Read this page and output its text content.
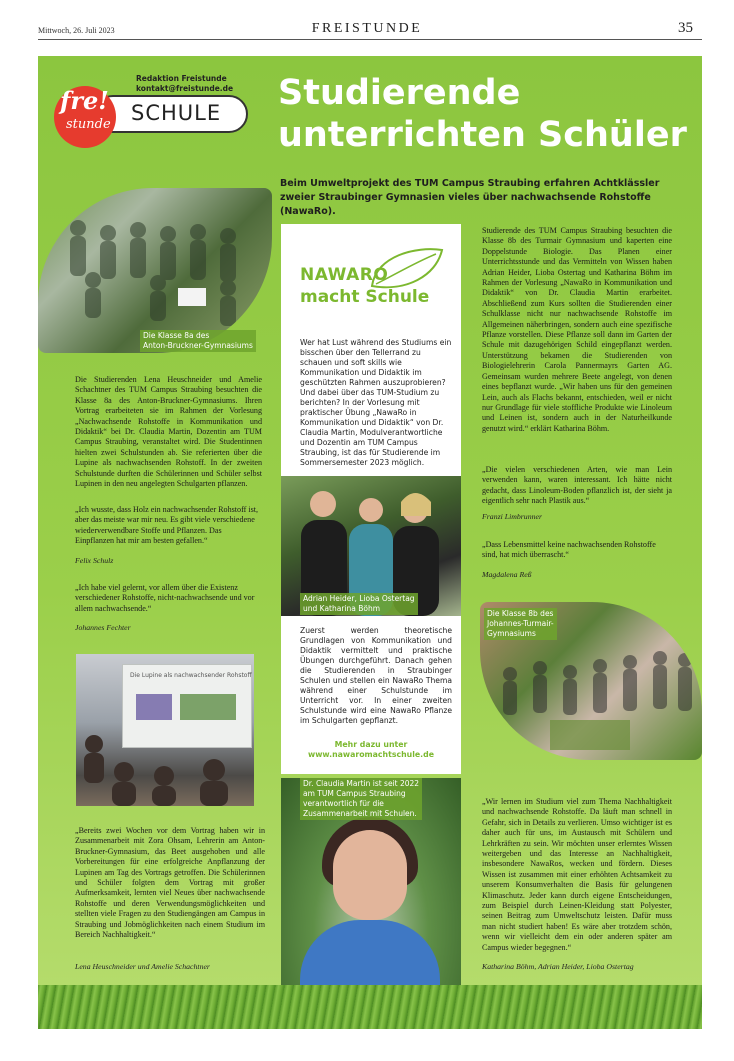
Mittwoch, 26. Juli 2023	FREISTUNDE	35
Redaktion Freistunde
kontakt@freistunde.de
SCHULE
fre!
stunde
Studierende
unterrichten Schüler
Beim Umweltprojekt des TUM Campus Straubing erfahren Achtklässler
zweier Straubinger Gymnasien vieles über nachwachsende Rohstoffe (NawaRo).
Die Klasse 8a des
Anton-Bruckner-Gymnasiums
Die Studierenden Lena Heuschneider und Amelie Schachtner des TUM Campus Straubing besuchten die Klasse 8a des Anton-Bruckner-Gymnasiums. Ihren Vortrag erarbeiteten sie im Rahmen der Vorlesung „Nachwachsende Rohstoffe in Kommunikation und Didaktik“ bei Dr. Claudia Martin, Dozentin am TUM Campus Straubing, veranstaltet wird. Die Studentinnen hielten zwei Schulstunden ab. Sie referierten über die Lupine als nachwachsenden Rohstoff. In der zweiten Schulstunde durften die Schülerinnen und Schüler selbst Lupinen in den neu angelegten Schulgarten pflanzen.
„Ich wusste, dass Holz ein nachwachsender Rohstoff ist, aber das meiste war mir neu. Es gibt viele verschiedene wiederverwendbare Stoffe und Pflanzen. Das Einpflanzen hat mir am besten gefallen.“
Felix Schulz
„Ich habe viel gelernt, vor allem über die Existenz verschiedener Rohstoffe, nicht-nachwachsende und vor allem nachwachsende.“
Johannes Fechter
Die Lupine als nachwachsender Rohstoff
„Bereits zwei Wochen vor dem Vortrag haben wir in Zusammenarbeit mit Zora Ohsam, Lehrerin am Anton-Bruckner-Gymnasium, das Beet ausgehoben und alle Vorbereitungen für eine erfolgreiche Anpflanzung der Lupinen am Tag des Vortrags getroffen. Die Schülerinnen und Schüler folgten dem Vortrag mit großer Aufmerksamkeit, lernten viel Neues über nachwachsende Rohstoffe und deren Verwendungsmöglichkeiten und stellten viele Fragen zu den Studiengängen am Campus in Straubing und Jobmöglichkeiten nach einem Studium im Bereich Nachhaltigkeit.“
Lena Heuschneider und Amelie Schachtner
NAWARO
macht Schule
Wer hat Lust während des Studiums ein bisschen über den Tellerrand zu schauen und soft skills wie Kommunikation und Didaktik im geschützten Rahmen auszuprobieren? Und dabei über das TUM-Studium zu berichten? In der Vorlesung mit praktischer Übung „NawaRo in Kommunikation und Didaktik“ von Dr. Claudia Martin, Modulverantwortliche und Dozentin am TUM Campus Straubing, ist das für Studierende im Sommersemester 2023 möglich.
Adrian Heider, Lioba Ostertag
und Katharina Böhm
Zuerst werden theoretische Grundlagen von Kommunikation und Didaktik vermittelt und praktische Übungen durchgeführt. Danach gehen die Studierenden in Straubinger Schulen und stellen ein NawaRo Thema während einer Schulstunde im Unterricht vor. In einer zweiten Schulstunde wird eine NawaRo Pflanze im Schulgarten gepflanzt.
Mehr dazu unter
www.nawaromachtschule.de
Dr. Claudia Martin ist seit 2022
am TUM Campus Straubing
verantwortlich für die
Zusammenarbeit mit Schulen.
Studierende des TUM Campus Straubing besuchten die Klasse 8b des Turmair Gymnasium und kaperten eine Doppelstunde Biologie. Das Planen einer Unterrichtsstunde und das Vermitteln von Wissen haben Adrian Heider, Lioba Ostertag und Katharina Böhm im Rahmen der Vorlesung „NawaRo in Kommunikation und Didaktik“ von Dr. Claudia Martin erarbeitet. Abschließend zum Kurs sollten die Studierenden einer Schulklasse nicht nur nachwachsende Rohstoffe im Allgemeinen näherbringen, sondern auch eine spezifische Pflanze vorstellen. Diese Pflanze soll dann im Garten der Schule mit dazugehörigen Schild eingepflanzt werden. Unterstützung bekamen die Studierenden von Biologielehrerin Carola Pannermayrs Garten AG. Gemeinsam wurden mehrere Beete angelegt, von denen eines bepflanzt wurde. „Wir haben uns für den gemeinen Lein, auch als Flachs bekannt, entschieden, weil er nicht nur Grundlage für viele stoffliche Produkte wie Linoleum und Leinen ist, sondern auch in der Naturheilkunde genutzt wird.“ erklärt Katharina Böhm.
„Die vielen verschiedenen Arten, wie man Lein verwenden kann, waren interessant. Ich hätte nicht gedacht, dass Linoleum-Boden pflanzlich ist, der sieht ja eigentlich sehr nach Plastik aus.“
Franzi Limbrunner
„Dass Lebensmittel keine nachwachsenden Rohstoffe sind, hat mich überrascht.“
Magdalena Reß
Die Klasse 8b des
Johannes-Turmair-
Gymnasiums
„Wir lernen im Studium viel zum Thema Nachhaltigkeit und nachwachsende Rohstoffe. Da läuft man schnell in Gefahr, sich in Details zu verlieren. Umso wichtiger ist es daher auch für uns, im Austausch mit Schülern und Lehrkräften zu sein. Wir möchten unser erlerntes Wissen weitergeben und das Interesse an Nachhaltigkeit, insbesondere NawaRos, wecken und fördern. Dieses Wissen ist zusammen mit einer erhöhten Achtsamkeit zu unserem Konsumverhalten die Basis für gelungenen Klimaschutz. Jeder kann durch eigene Entscheidungen, zum Beispiel durch Leinen-Kleidung statt Polyester, seinen Beitrag zum Umweltschutz leisten. Dafür muss man nicht studiert haben! Es wäre aber trotzdem schön, wenn wir vielleicht dem ein oder anderen später am Campus wieder begegnen.“
Katharina Böhm, Adrian Heider, Lioba Ostertag
